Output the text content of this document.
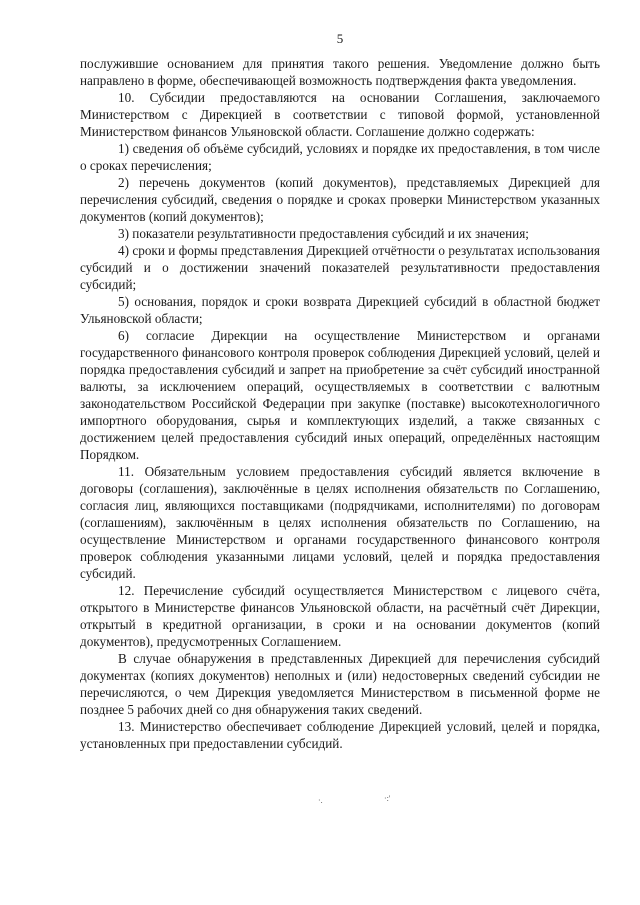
5

послужившие основанием для принятия такого решения. Уведомление должно быть направлено в форме, обеспечивающей возможность подтверждения факта уведомления.

10. Субсидии предоставляются на основании Соглашения, заключаемого Министерством с Дирекцией в соответствии с типовой формой, установленной Министерством финансов Ульяновской области. Соглашение должно содержать:

1) сведения об объёме субсидий, условиях и порядке их предоставления, в том числе о сроках перечисления;

2) перечень документов (копий документов), представляемых Дирекцией для перечисления субсидий, сведения о порядке и сроках проверки Министерством указанных документов (копий документов);

3) показатели результативности предоставления субсидий и их значения;

4) сроки и формы представления Дирекцией отчётности о результатах использования субсидий и о достижении значений показателей результативности предоставления субсидий;

5) основания, порядок и сроки возврата Дирекцией субсидий в областной бюджет Ульяновской области;

6) согласие Дирекции на осуществление Министерством и органами государственного финансового контроля проверок соблюдения Дирекцией условий, целей и порядка предоставления субсидий и запрет на приобретение за счёт субсидий иностранной валюты, за исключением операций, осуществляемых в соответствии с валютным законодательством Российской Федерации при закупке (поставке) высокотехнологичного импортного оборудования, сырья и комплектующих изделий, а также связанных с достижением целей предоставления субсидий иных операций, определённых настоящим Порядком.

11. Обязательным условием предоставления субсидий является включение в договоры (соглашения), заключённые в целях исполнения обязательств по Соглашению, согласия лиц, являющихся поставщиками (подрядчиками, исполнителями) по договорам (соглашениям), заключённым в целях исполнения обязательств по Соглашению, на осуществление Министерством и органами государственного финансового контроля проверок соблюдения указанными лицами условий, целей и порядка предоставления субсидий.

12. Перечисление субсидий осуществляется Министерством с лицевого счёта, открытого в Министерстве финансов Ульяновской области, на расчётный счёт Дирекции, открытый в кредитной организации, в сроки и на основании документов (копий документов), предусмотренных Соглашением.

В случае обнаружения в представленных Дирекцией для перечисления субсидий документах (копиях документов) неполных и (или) недостоверных сведений субсидии не перечисляются, о чем Дирекция уведомляется Министерством в письменной форме не позднее 5 рабочих дней со дня обнаружения таких сведений.

13. Министерство обеспечивает соблюдение Дирекцией условий, целей и порядка, установленных при предоставлении субсидий.

·.	·:'
